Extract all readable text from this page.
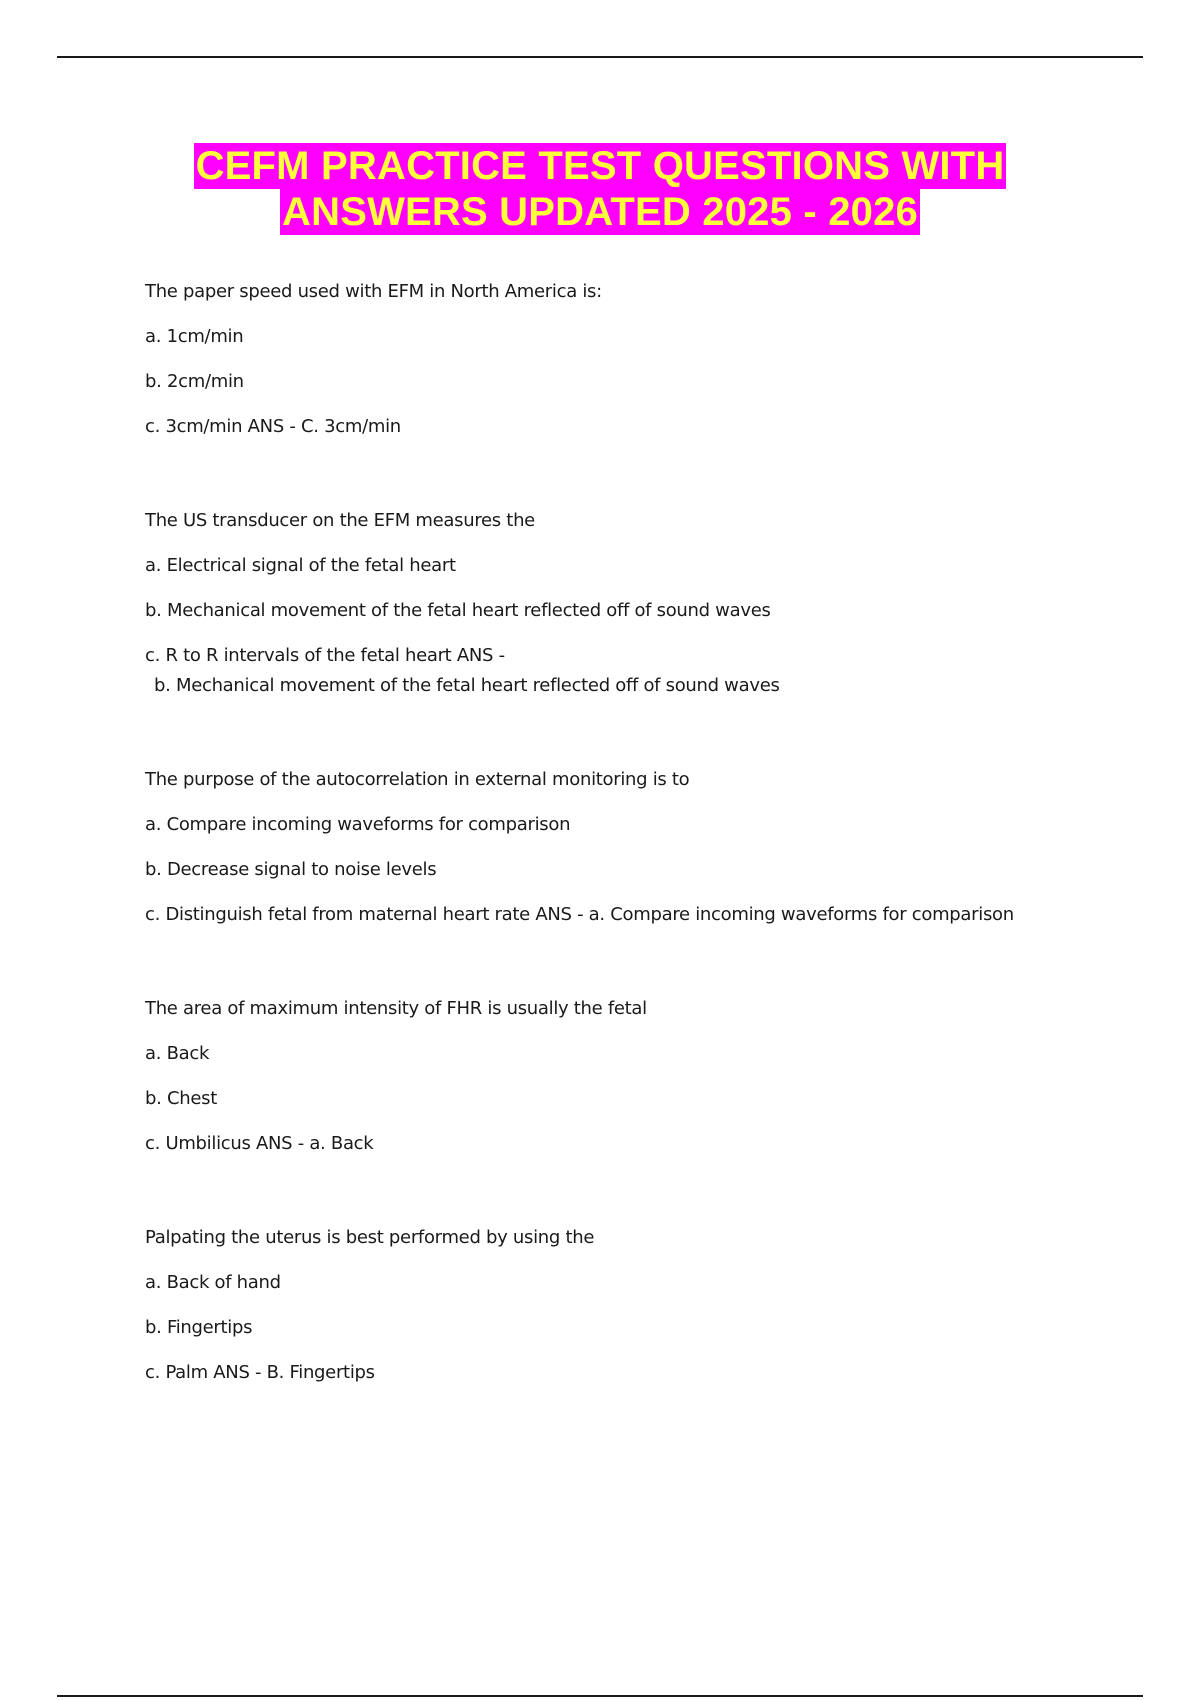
CEFM PRACTICE TEST QUESTIONS WITH
ANSWERS UPDATED 2025 - 2026
The paper speed used with EFM in North America is:
a. 1cm/min
b. 2cm/min
c. 3cm/min ANS - C. 3cm/min
The US transducer on the EFM measures the
a. Electrical signal of the fetal heart
b. Mechanical movement of the fetal heart reflected off of sound waves
c. R to R intervals of the fetal heart ANS -
b. Mechanical movement of the fetal heart reflected off of sound waves
The purpose of the autocorrelation in external monitoring is to
a. Compare incoming waveforms for comparison
b. Decrease signal to noise levels
c. Distinguish fetal from maternal heart rate ANS - a. Compare incoming waveforms for comparison
The area of maximum intensity of FHR is usually the fetal
a. Back
b. Chest
c. Umbilicus ANS - a. Back
Palpating the uterus is best performed by using the
a. Back of hand
b. Fingertips
c. Palm ANS - B. Fingertips
